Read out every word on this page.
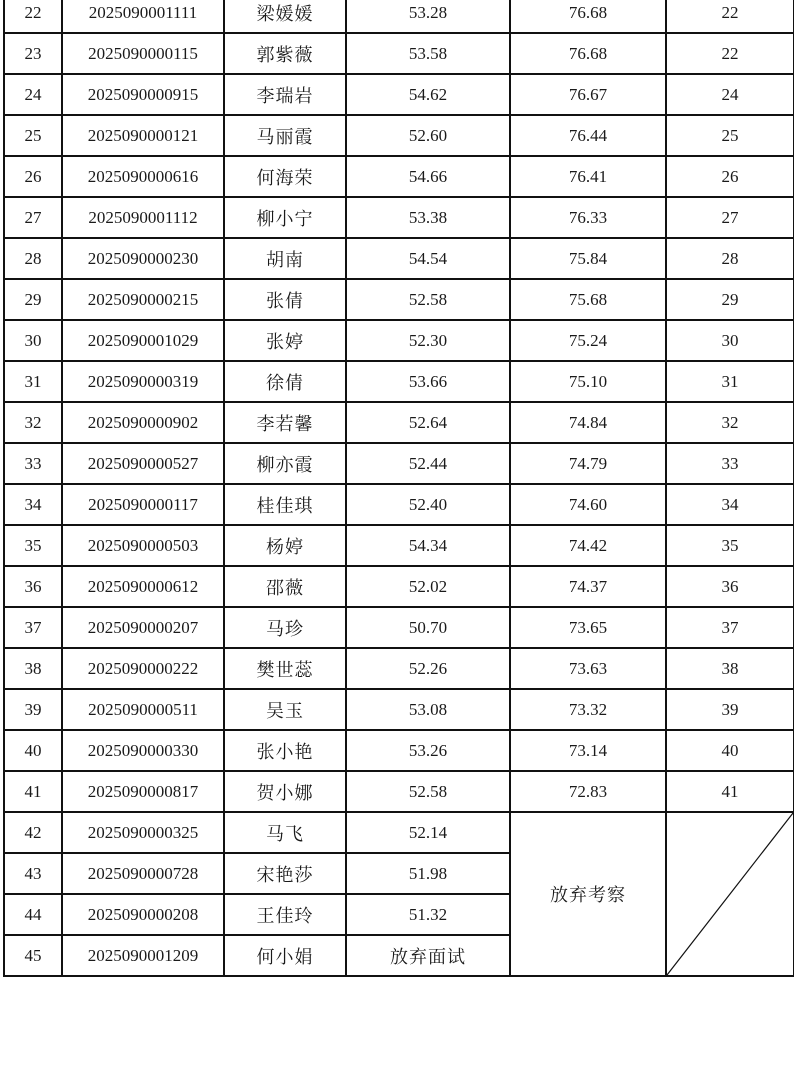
22	2025090001111	梁媛媛	53.28	76.68	22
23	2025090000115	郭紫薇	53.58	76.68	22
24	2025090000915	李瑞岩	54.62	76.67	24
25	2025090000121	马丽霞	52.60	76.44	25
26	2025090000616	何海荣	54.66	76.41	26
27	2025090001112	柳小宁	53.38	76.33	27
28	2025090000230	胡南	54.54	75.84	28
29	2025090000215	张倩	52.58	75.68	29
30	2025090001029	张婷	52.30	75.24	30
31	2025090000319	徐倩	53.66	75.10	31
32	2025090000902	李若馨	52.64	74.84	32
33	2025090000527	柳亦霞	52.44	74.79	33
34	2025090000117	桂佳琪	52.40	74.60	34
35	2025090000503	杨婷	54.34	74.42	35
36	2025090000612	邵薇	52.02	74.37	36
37	2025090000207	马珍	50.70	73.65	37
38	2025090000222	樊世蕊	52.26	73.63	38
39	2025090000511	吴玉	53.08	73.32	39
40	2025090000330	张小艳	53.26	73.14	40
41	2025090000817	贺小娜	52.58	72.83	41
42	2025090000325	马飞	52.14	放弃考察	

43	2025090000728	宋艳莎	51.98		
44	2025090000208	王佳玲	51.32		
45	2025090001209	何小娟	放弃面试		
